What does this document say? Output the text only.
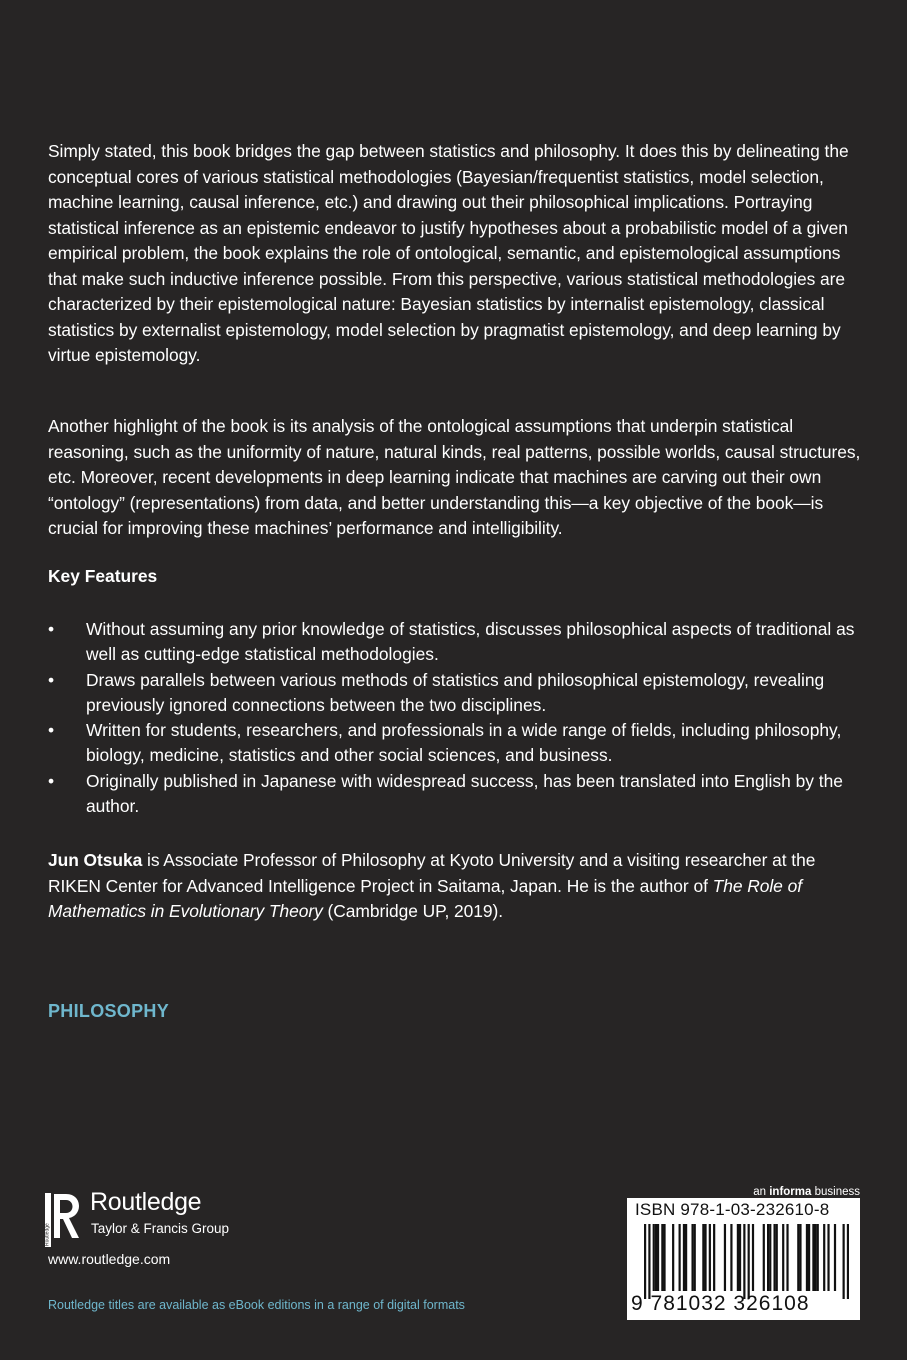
Simply stated, this book bridges the gap between statistics and philosophy. It does this by delineating the conceptual cores of various statistical methodologies (Bayesian/frequentist statistics, model selection, machine learning, causal inference, etc.) and drawing out their philosophical implications. Portraying statistical inference as an epistemic endeavor to justify hypotheses about a probabilistic model of a given empirical problem, the book explains the role of ontological, semantic, and epistemological assumptions that make such inductive inference possible. From this perspective, various statistical methodologies are characterized by their epistemological nature: Bayesian statistics by internalist epistemology, classical statistics by externalist epistemology, model selection by pragmatist epistemology, and deep learning by virtue epistemology.

Another highlight of the book is its analysis of the ontological assumptions that underpin statistical reasoning, such as the uniformity of nature, natural kinds, real patterns, possible worlds, causal structures, etc. Moreover, recent developments in deep learning indicate that machines are carving out their own “ontology” (representations) from data, and better understanding this—a key objective of the book—is crucial for improving these machines’ performance and intelligibility.

Key Features
•	Without assuming any prior knowledge of statistics, discusses philosophical aspects of traditional as well as cutting-edge statistical methodologies.
•	Draws parallels between various methods of statistics and philosophical epistemology, revealing previously ignored connections between the two disciplines.
•	Written for students, researchers, and professionals in a wide range of fields, including philosophy, biology, medicine, statistics and other social sciences, and business.
•	Originally published in Japanese with widespread success, has been translated into English by the author.

Jun Otsuka is Associate Professor of Philosophy at Kyoto University and a visiting researcher at the RIKEN Center for Advanced Intelligence Project in Saitama, Japan. He is the author of The Role of Mathematics in Evolutionary Theory (Cambridge UP, 2019).

PHILOSOPHY
Routledge
Routledge
Taylor & Francis Group
www.routledge.com
Routledge titles are available as eBook editions in a range of digital formats
an informa business
ISBN 978-1-03-232610-8
9 781032 326108
